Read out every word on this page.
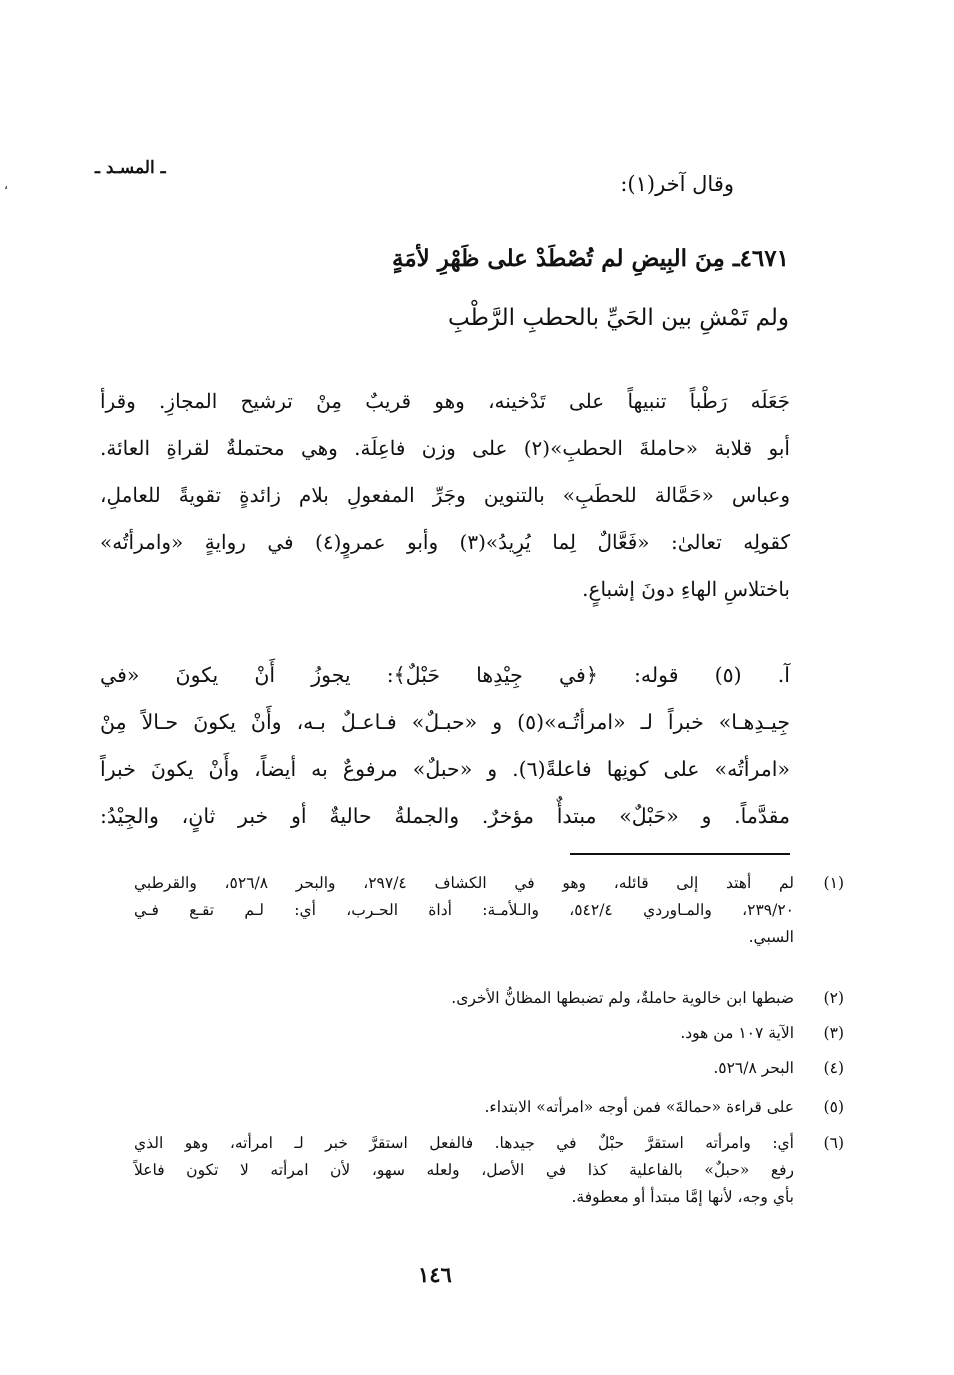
ـ المسـد ـ
،	وقال آخر(١):
٤٦٧١ـ مِنَ البِيضِ لم تُصْطَدْ على ظَهْرِ لأمَةٍ
ولم تَمْشِ بين الحَيِّ بالحطبِ الرَّطْبِ
جَعَلَه رَطْباً تنبيهاً على تَدْخينه، وهو قريبٌ مِنْ ترشيح المجازِ. وقرأ
أبو قلابة «حاملةَ الحطبِ»(٢) على وزن فاعِلَة. وهي محتملةٌ لقراةِ العائة.
وعباس «حَمَّالة للحطَبِ» بالتنوين وجَرِّ المفعولِ بلام زائدةٍ تقويةً للعاملِ،
كقولِه تعالىٰ: «فَعَّالٌ لِما يُرِيدُ»(٣) وأبو عمروٍ(٤) في روايةٍ «وامرأتُه»
باختلاسِ الهاءِ دونَ إشباعٍ.
آ. (٥) قوله: ﴿في جِيْدِها حَبْلٌ﴾: يجوزُ أَنْ يكونَ «في
جِيـدِهـا» خبراً لـ «امرأتُـه»(٥) و «حبـلٌ» فـاعـلٌ بـه، وأَنْ يكونَ حـالاً مِنْ
«امرأتُه» على كونِها فاعلةً(٦). و «حبلٌ» مرفوعٌ به أيضاً، وأَنْ يكونَ خبراً
مقدَّماً. و «حَبْلٌ» مبتدأٌ مؤخرٌ. والجملةُ حاليةٌ أو خبر ثانٍ، والجِيْدُ:
(١)
لم أهتد إلى قائله، وهو في الكشاف ٢٩٧/٤، والبحر ٥٢٦/٨، والقرطبي
٢٣٩/٢٠، والمـاوردي ٥٤٢/٤، والـلأمـة: أداة الحـرب، أي: لـم تقـع فـي
السبي.
(٢)
ضبطها ابن خالوية حاملةٌ، ولم تضبطها المظانُّ الأخرى.
(٣)
الآية ١٠٧ من هود.
(٤)
البحر ٥٢٦/٨.
(٥)
على قراءة «حمالةَ» فمن أوجه «امرأته» الابتداء.
(٦)
أي: وامرأته استقرَّ حبْلٌ في جيدها. فالفعل استقرَّ خبر لـ امرأته، وهو الذي
رفع «حبلٌ» بالفاعلية كذا في الأصل، ولعله سهو، لأن امرأته لا تكون فاعلاً
بأي وجه، لأنها إمَّا مبتدأ أو معطوفة.
١٤٦
